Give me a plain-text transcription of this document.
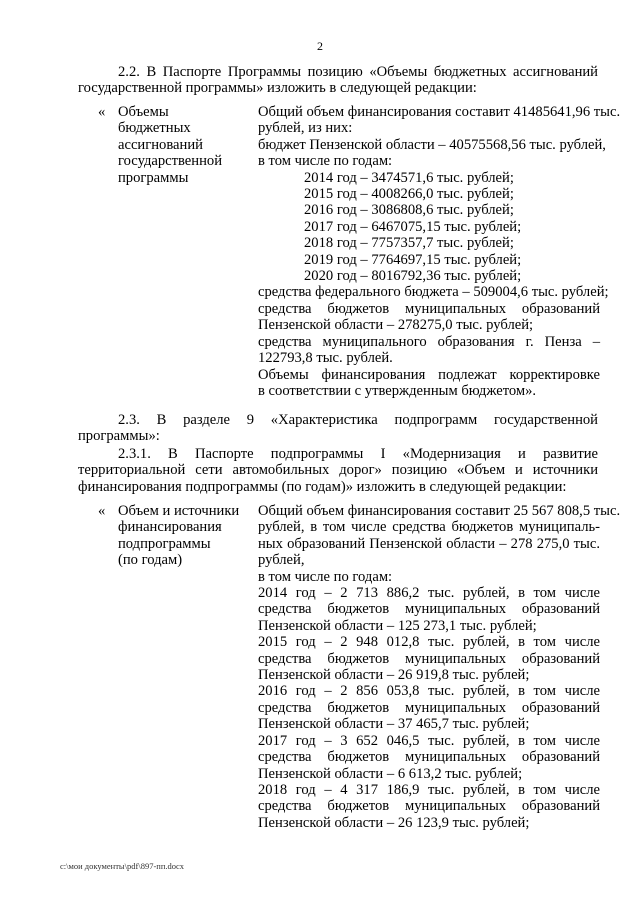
2
2.2. В Паспорте Программы позицию «Объемы бюджетных ассигнований
государственной программы» изложить в следующей редакции:
« Объемы
бюджетных
ассигнований
государственной
программы
Общий объем финансирования составит 41485641,96 тыс.
рублей, из них:
бюджет Пензенской области – 40575568,56 тыс. рублей,
в том числе по годам:
2014 год – 3474571,6 тыс. рублей;
2015 год – 4008266,0 тыс. рублей;
2016 год – 3086808,6 тыс. рублей;
2017 год – 6467075,15 тыс. рублей;
2018 год – 7757357,7 тыс. рублей;
2019 год – 7764697,15 тыс. рублей;
2020 год – 8016792,36 тыс. рублей;
средства федерального бюджета – 509004,6 тыс. рублей;
средства бюджетов муниципальных образований
Пензенской области – 278275,0 тыс. рублей;
средства муниципального образования г. Пенза –
122793,8 тыс. рублей.
Объемы финансирования подлежат корректировке
в соответствии с утвержденным бюджетом».
2.3. В разделе 9 «Характеристика подпрограмм государственной
программы»:
2.3.1. В Паспорте подпрограммы I «Модернизация и развитие
территориальной сети автомобильных дорог» позицию «Объем и источники
финансирования подпрограммы (по годам)» изложить в следующей редакции:
« Объем и источники
финансирования
подпрограммы
(по годам)
Общий объем финансирования составит 25 567 808,5 тыс.
рублей, в том числе средства бюджетов муниципаль-
ных образований Пензенской области – 278 275,0 тыс.
рублей,
в том числе по годам:
2014 год – 2 713 886,2 тыс. рублей, в том числе
средства бюджетов муниципальных образований
Пензенской области – 125 273,1 тыс. рублей;
2015 год – 2 948 012,8 тыс. рублей, в том числе
средства бюджетов муниципальных образований
Пензенской области – 26 919,8 тыс. рублей;
2016 год – 2 856 053,8 тыс. рублей, в том числе
средства бюджетов муниципальных образований
Пензенской области – 37 465,7 тыс. рублей;
2017 год – 3 652 046,5 тыс. рублей, в том числе
средства бюджетов муниципальных образований
Пензенской области – 6 613,2 тыс. рублей;
2018 год – 4 317 186,9 тыс. рублей, в том числе
средства бюджетов муниципальных образований
Пензенской области – 26 123,9 тыс. рублей;
c:\мои документы\pdf\897-пп.docx
